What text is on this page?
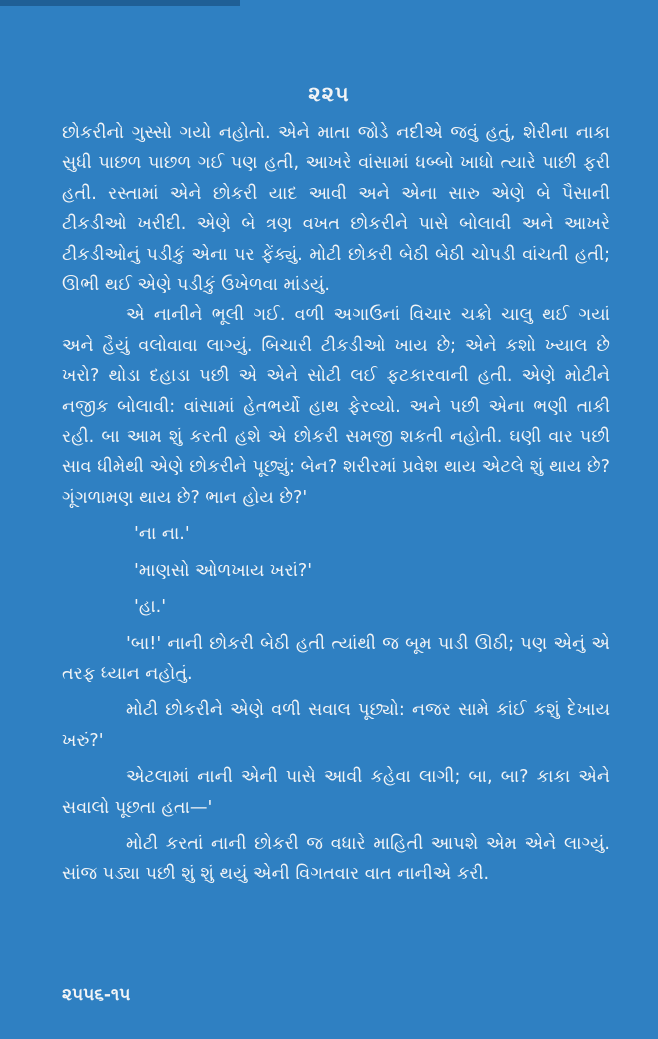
૨૨૫

છોકરીનો ગુસ્સો ગયો નહોતો. એને માતા જોડે નદીએ જવું હતું, શેરીના નાકા સુધી પાછળ પાછળ ગઈ પણ હતી, આખરે વાંસામાં ધબ્બો ખાધો ત્યારે પાછી ફરી હતી. રસ્તામાં એને છોકરી યાદ આવી અને એના સારુ એણે બે પૈસાની ટીકડીઓ ખરીદી. એણે બે ત્રણ વખત છોકરીને પાસે બોલાવી અને આખરે ટીકડીઓનું પડીકું એના પર ફેંક્યું. મોટી છોકરી બેઠી બેઠી ચોપડી વાંચતી હતી; ઊભી થઈ એણે પડીકું ઉખેળવા માંડયું.

એ નાનીને ભૂલી ગઈ. વળી અગાઉનાં વિચાર ચક્રો ચાલુ થઈ ગયાં અને હૈયું વલોવાવા લાગ્યું. બિચારી ટીકડીઓ ખાય છે; એને કશો ખ્યાલ છે ખરો? થોડા દહાડા પછી એ એને સોટી લઈ ફટકારવાની હતી. એણે મોટીને નજીક બોલાવી: વાંસામાં હેતભર્યો હાથ ફેરવ્યો. અને પછી એના ભણી તાકી રહી. બા આમ શું કરતી હશે એ છોકરી સમજી શકતી નહોતી. ઘણી વાર પછી સાવ ધીમેથી એણે છોકરીને પૂછ્યું: બેન? શરીરમાં પ્રવેશ થાય એટલે શું થાય છે? ગૂંગળામણ થાય છે? ભાન હોય છે?'

'ના ના.'

'માણસો ઓળખાય ખરાં?'

'હા.'

'બા!' નાની છોકરી બેઠી હતી ત્યાંથી જ બૂમ પાડી ઊઠી; પણ એનું એ તરફ ધ્યાન નહોતું.

મોટી છોકરીને એણે વળી સવાલ પૂછ્યો: નજર સામે કાંઈ કશું દેખાય ખરું?'

એટલામાં નાની એની પાસે આવી કહેવા લાગી; બા, બા? કાકા એને સવાલો પૂછતા હતા—'

મોટી કરતાં નાની છોકરી જ વધારે માહિતી આપશે એમ એને લાગ્યું. સાંજ પડ્યા પછી શું શું થયું એની વિગતવાર વાત નાનીએ કરી.

૨૫૫૬-૧૫
